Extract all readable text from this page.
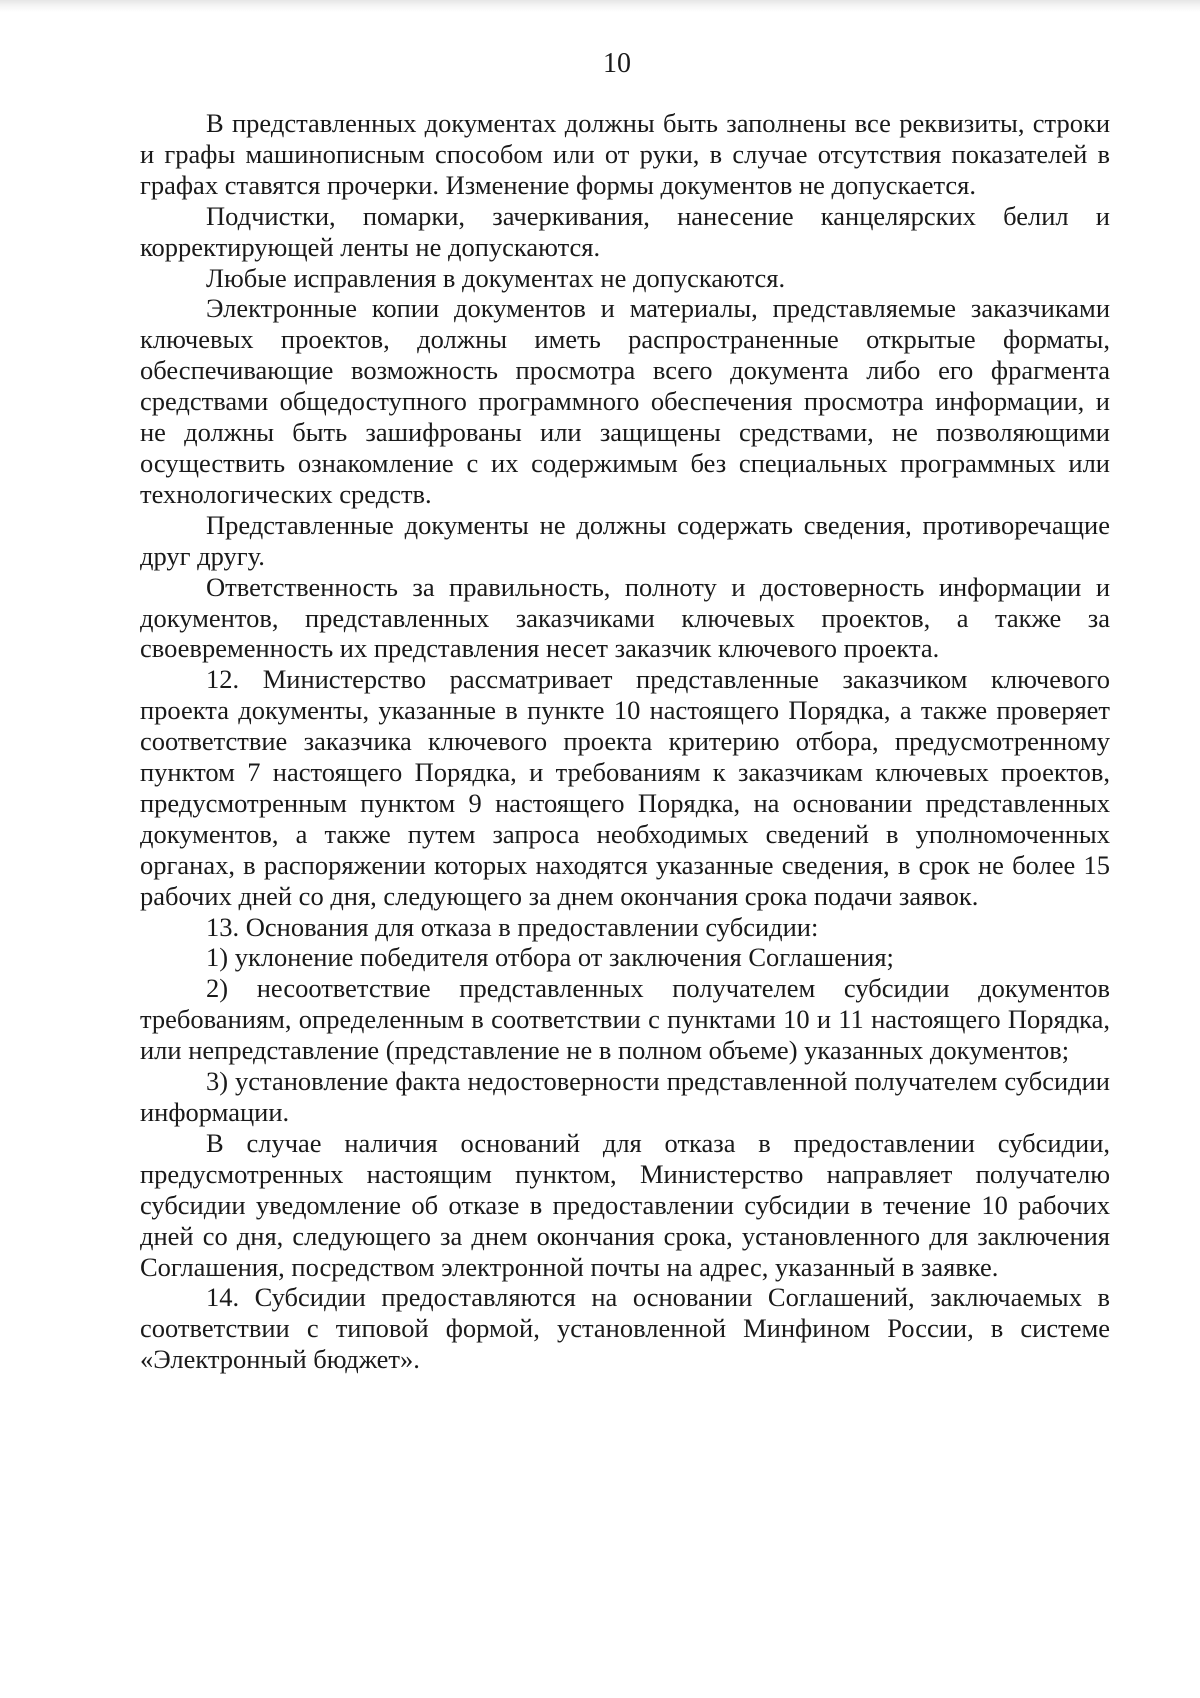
10

В представленных документах должны быть заполнены все реквизиты, строки и графы машинописным способом или от руки, в случае отсутствия показателей в графах ставятся прочерки. Изменение формы документов не допускается.

Подчистки, помарки, зачеркивания, нанесение канцелярских белил и корректирующей ленты не допускаются.

Любые исправления в документах не допускаются.

Электронные копии документов и материалы, представляемые заказчиками ключевых проектов, должны иметь распространенные открытые форматы, обеспечивающие возможность просмотра всего документа либо его фрагмента средствами общедоступного программного обеспечения просмотра информации, и не должны быть зашифрованы или защищены средствами, не позволяющими осуществить ознакомление с их содержимым без специальных программных или технологических средств.

Представленные документы не должны содержать сведения, противоречащие друг другу.

Ответственность за правильность, полноту и достоверность информации и документов, представленных заказчиками ключевых проектов, а также за своевременность их представления несет заказчик ключевого проекта.

12. Министерство рассматривает представленные заказчиком ключевого проекта документы, указанные в пункте 10 настоящего Порядка, а также проверяет соответствие заказчика ключевого проекта критерию отбора, предусмотренному пунктом 7 настоящего Порядка, и требованиям к заказчикам ключевых проектов, предусмотренным пунктом 9 настоящего Порядка, на основании представленных документов, а также путем запроса необходимых сведений в уполномоченных органах, в распоряжении которых находятся указанные сведения, в срок не более 15 рабочих дней со дня, следующего за днем окончания срока подачи заявок.

13. Основания для отказа в предоставлении субсидии:

1) уклонение победителя отбора от заключения Соглашения;

2) несоответствие представленных получателем субсидии документов требованиям, определенным в соответствии с пунктами 10 и 11 настоящего Порядка, или непредставление (представление не в полном объеме) указанных документов;

3) установление факта недостоверности представленной получателем субсидии информации.

В случае наличия оснований для отказа в предоставлении субсидии, предусмотренных настоящим пунктом, Министерство направляет получателю субсидии уведомление об отказе в предоставлении субсидии в течение 10 рабочих дней со дня, следующего за днем окончания срока, установленного для заключения Соглашения, посредством электронной почты на адрес, указанный в заявке.

14. Субсидии предоставляются на основании Соглашений, заключаемых в соответствии с типовой формой, установленной Минфином России, в системе «Электронный бюджет».
